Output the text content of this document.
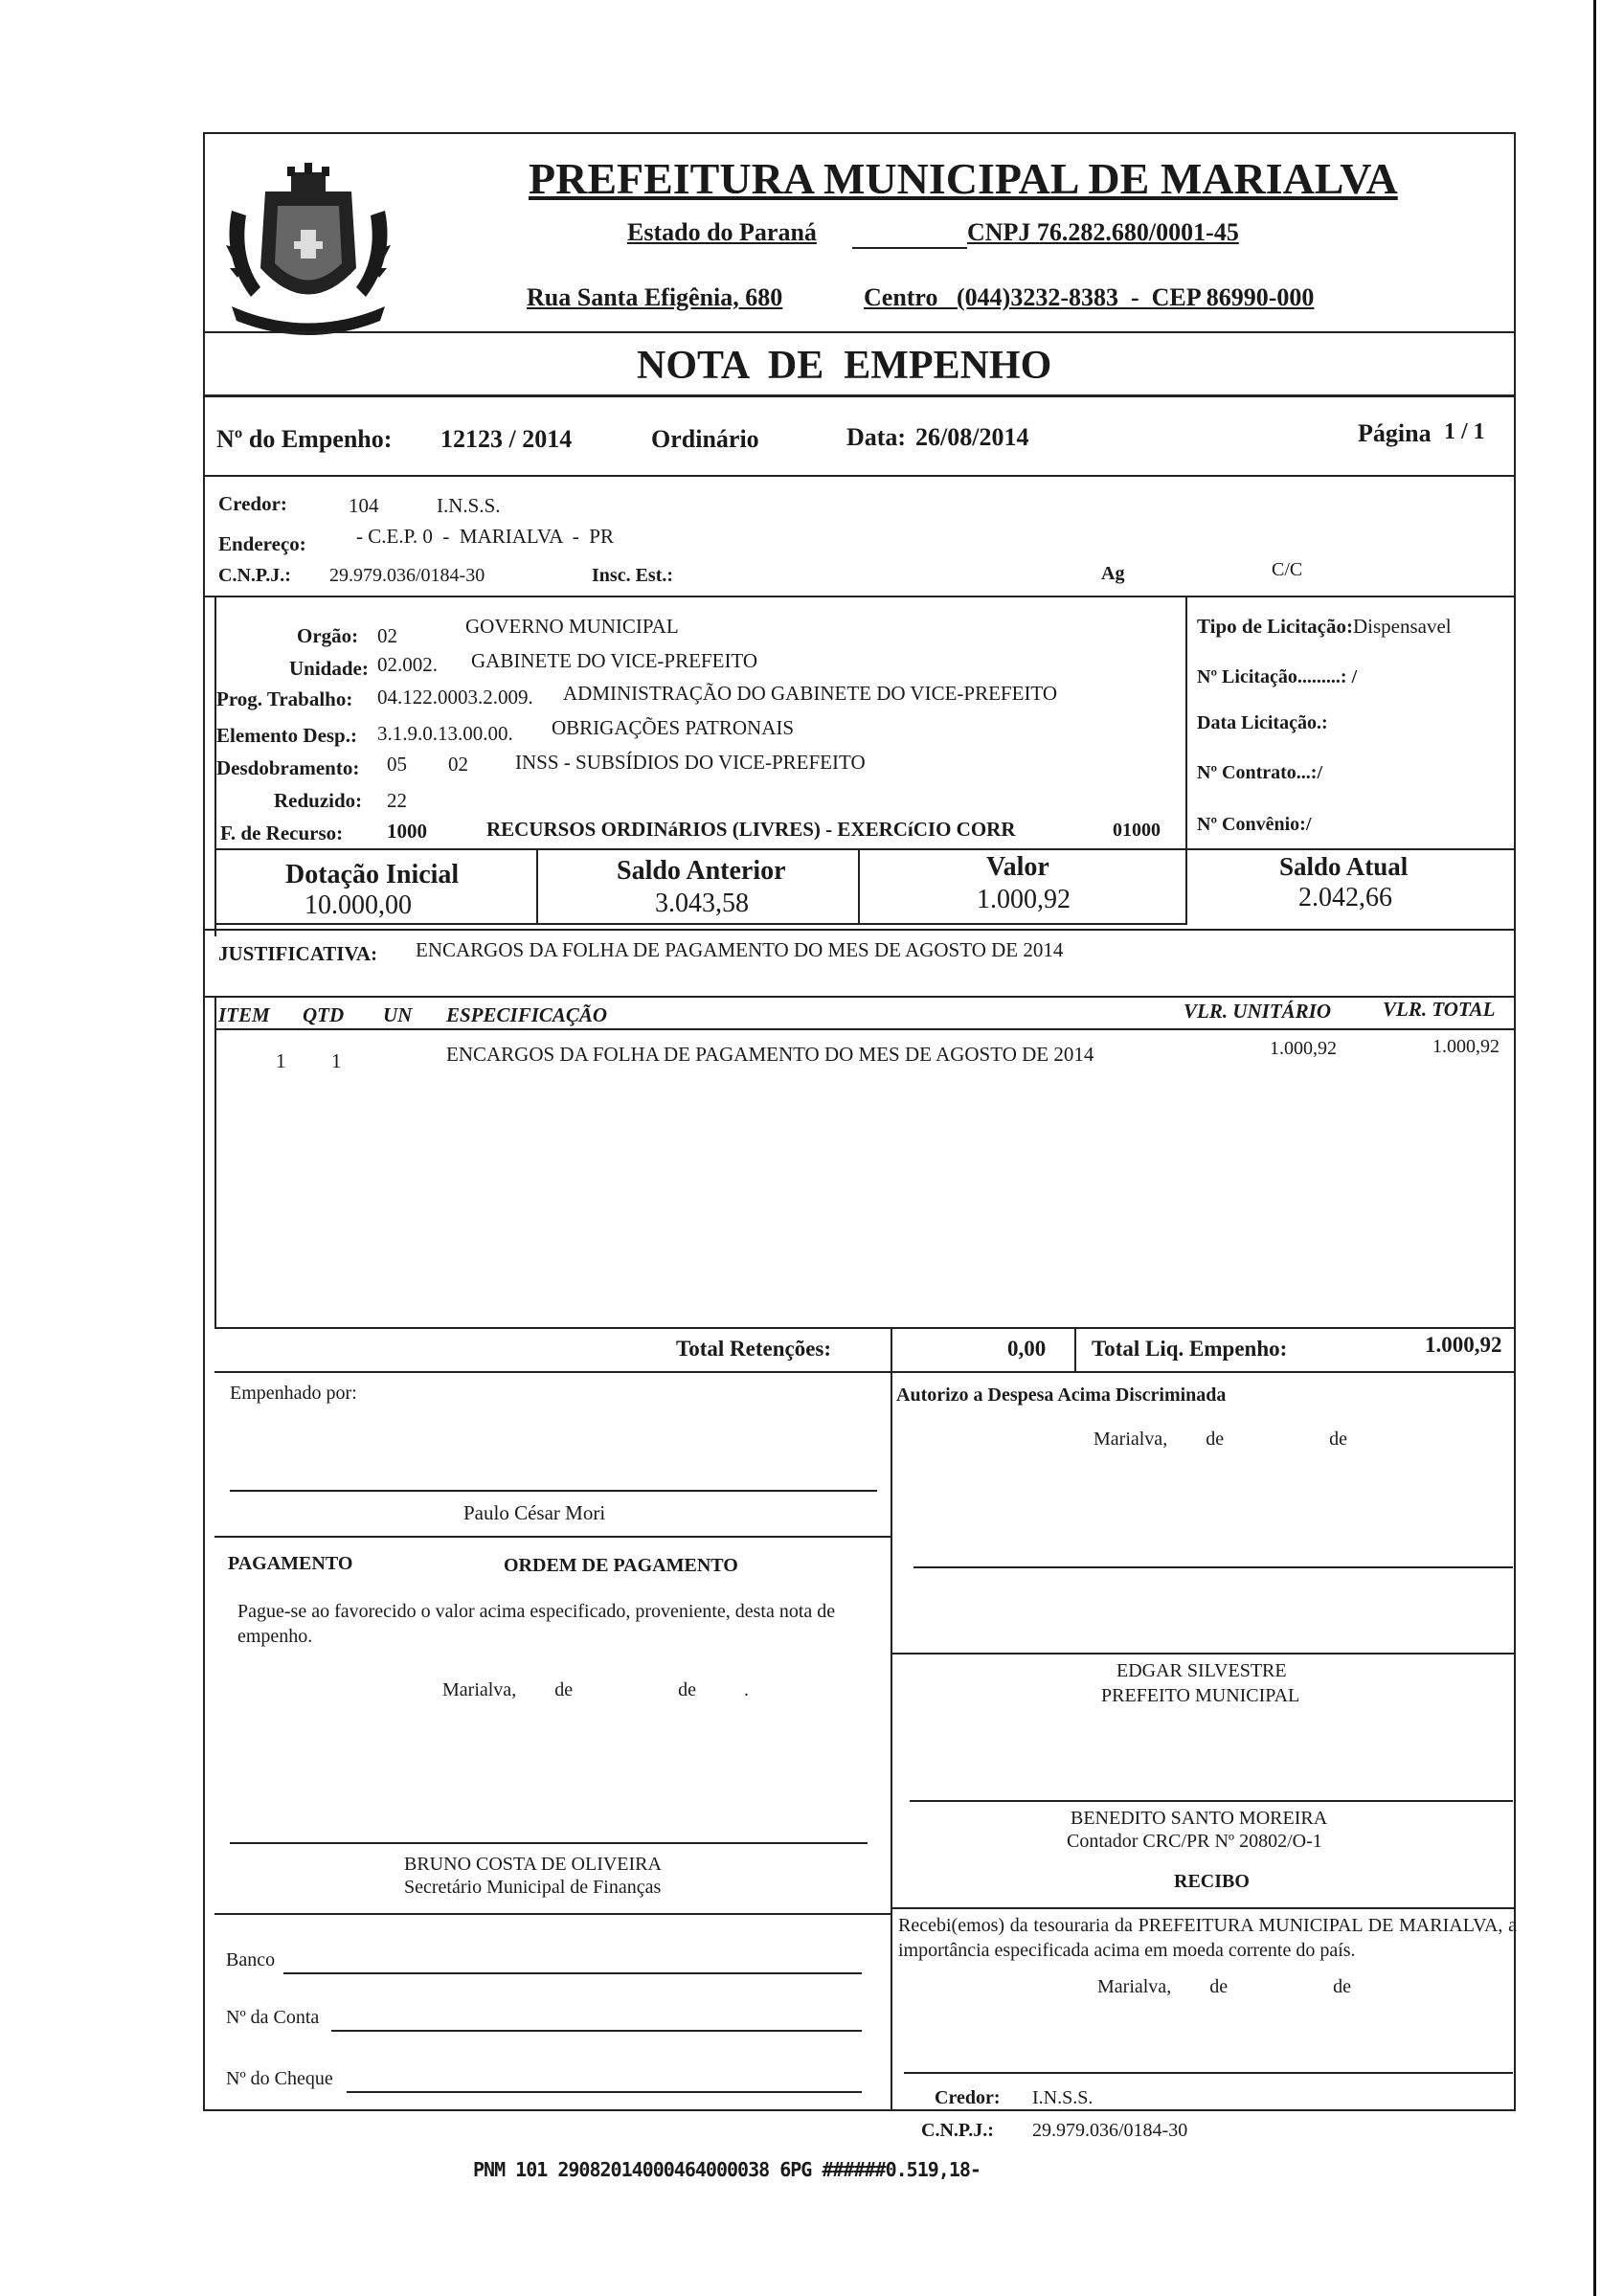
PREFEITURA MUNICIPAL DE MARIALVA
Estado do Paraná	CNPJ 76.282.680/0001-45
Rua Santa Efigênia, 680	Centro   (044)3232-8383  -  CEP 86990-000
NOTA  DE  EMPENHO
Nº do Empenho: 12123 / 2014	Ordinário	Data: 26/08/2014	Página 1 / 1
Credor:	104	I.N.S.S.
Endereço: - C.E.P. 0  -  MARIALVA  -  PR
C.N.P.J.: 29.979.036/0184-30	Insc. Est.:	Ag	C/C
Orgão: 02	GOVERNO MUNICIPAL
Unidade: 02.002. GABINETE DO VICE-PREFEITO
Prog. Trabalho: 04.122.0003.2.009. ADMINISTRAÇÃO DO GABINETE DO VICE-PREFEITO
Elemento Desp.: 3.1.9.0.13.00.00. OBRIGAÇÕES PATRONAIS
Desdobramento: 05 02 INSS - SUBSÍDIOS DO VICE-PREFEITO
Reduzido: 22
F. de Recurso: 1000	RECURSOS ORDINáRIOS (LIVRES) - EXERCíCIO CORR	01000
Tipo de Licitação:Dispensavel
Nº Licitação.........: /
Data Licitação.:
Nº Contrato...:/
Nº Convênio:/
Dotação Inicial
10.000,00
Saldo Anterior
3.043,58
Valor
1.000,92
Saldo Atual
2.042,66
JUSTIFICATIVA: ENCARGOS DA FOLHA DE PAGAMENTO DO MES DE AGOSTO DE 2014
ITEM QTD UN ESPECIFICAÇÃO	VLR. UNITÁRIO	VLR. TOTAL
1 1	ENCARGOS DA FOLHA DE PAGAMENTO DO MES DE AGOSTO DE 2014	1.000,92	1.000,92
Total Retenções:	0,00 Total Liq. Empenho:	1.000,92
Empenhado por:
Paulo César Mori
Autorizo a Despesa Acima Discriminada
Marialva,        de                      de
EDGAR SILVESTRE
PREFEITO MUNICIPAL
PAGAMENTO	ORDEM DE PAGAMENTO
Pague-se ao favorecido o valor acima especificado, proveniente, desta nota de empenho.
Marialva,        de                      de          .
BRUNO COSTA DE OLIVEIRA
Secretário Municipal de Finanças
BENEDITO SANTO MOREIRA
Contador CRC/PR Nº 20802/O-1
RECIBO
Recebi(emos) da tesouraria da PREFEITURA MUNICIPAL DE MARIALVA, a importância especificada acima em moeda corrente do país.
Marialva,        de                      de
Banco
Nº da Conta
Nº do Cheque
Credor: I.N.S.S.
C.N.P.J.: 29.979.036/0184-30
PNM 101 29082014000464000038 6PG ######0.519,18-
